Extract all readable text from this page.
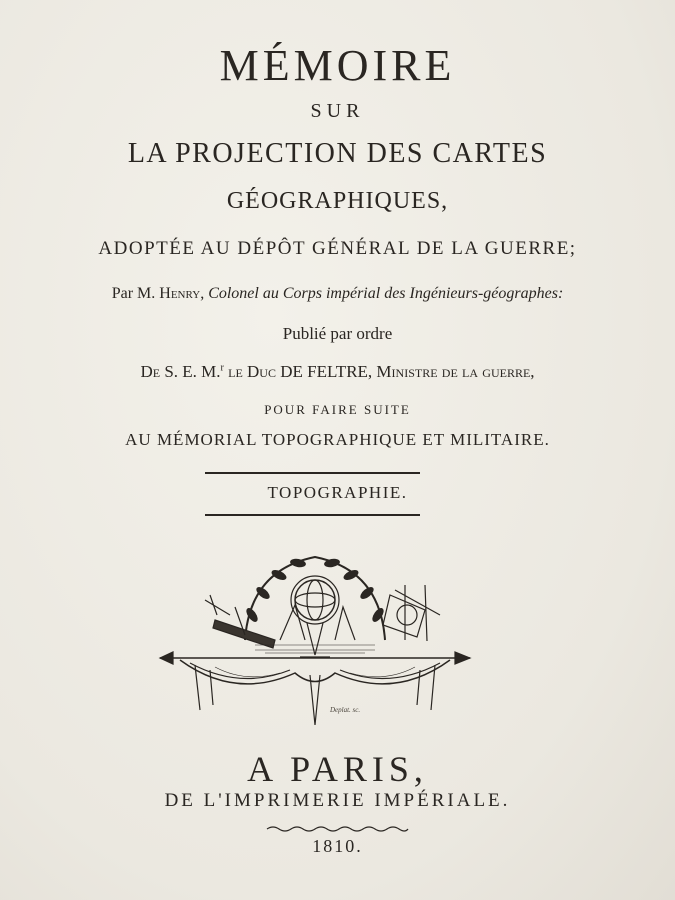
MÉMOIRE
SUR
LA PROJECTION DES CARTES
GÉOGRAPHIQUES,
ADOPTÉE AU DÉPÔT GÉNÉRAL DE LA GUERRE;
Par M. Henry, Colonel au Corps impérial des Ingénieurs-géographes:
Publié par ordre
De S. E. M.$^r$ le Duc DE FELTRE, Ministre de la guerre,
POUR FAIRE SUITE
AU MÉMORIAL TOPOGRAPHIQUE ET MILITAIRE.
TOPOGRAPHIE.
Deplat. sc.
A PARIS,
DE L'IMPRIMERIE IMPÉRIALE.
1810.
